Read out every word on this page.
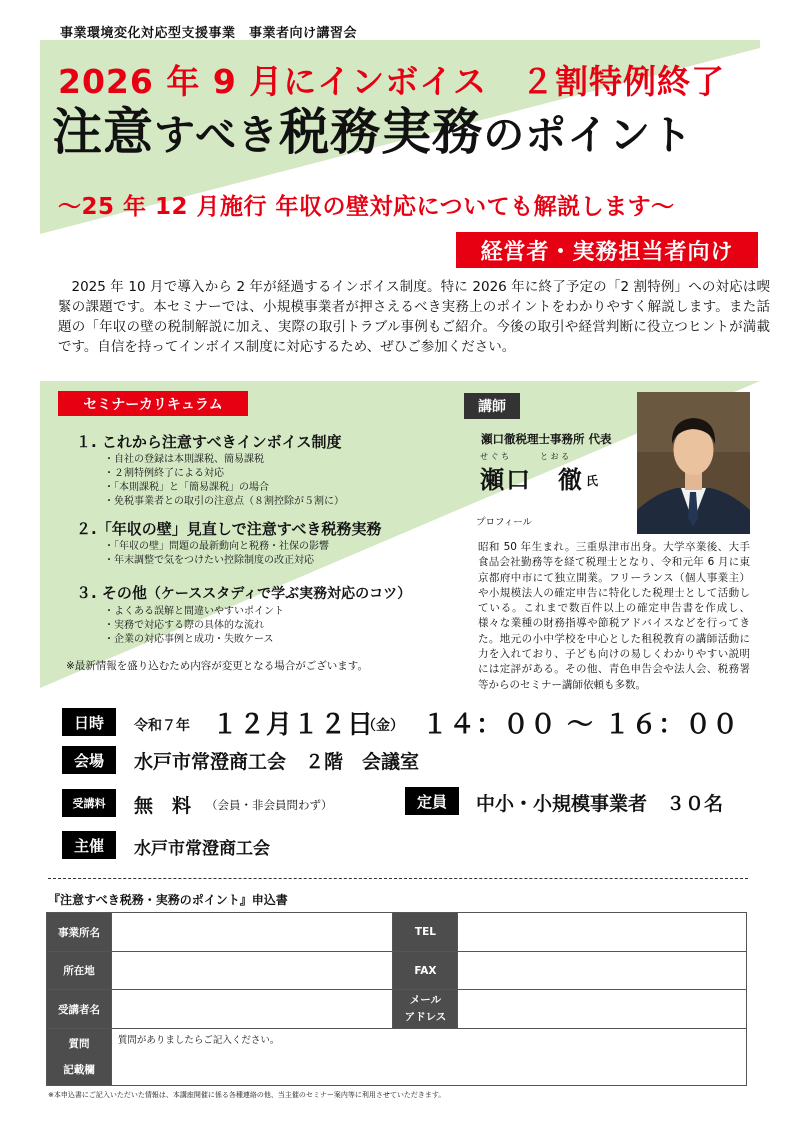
事業環境変化対応型支援事業　事業者向け講習会
2026 年 9 月にインボイス　２割特例終了
注意すべき税務実務のポイント
～25 年 12 月施行 年収の壁対応についても解説します～
経営者・実務担当者向け

2025 年 10 月で導入から 2 年が経過するインボイス制度。特に 2026 年に終了予定の「2 割特例」への対応は喫緊の課題です。本セミナーでは、小規模事業者が押さえるべき実務上のポイントをわかりやすく解説します。また話題の「年収の壁の税制解説に加え、実際の取引トラブル事例もご紹介。今後の取引や経営判断に役立つヒントが満載です。自信を持ってインボイス制度に対応するため、ぜひご参加ください。

セミナーカリキュラム
１. これから注意すべきインボイス制度
・ 自社の登録は本則課税、簡易課税
・ ２割特例終了による対応
・ 「本則課税」と「簡易課税」の場合
・ 免税事業者との取引の注意点（８割控除が５割に）
２.「年収の壁」見直しで注意すべき税務実務
・ 「年収の壁」問題の最新動向と税務・社保の影響
・ 年末調整で気をつけたい控除制度の改正対応
３. その他（ケーススタディで学ぶ実務対応のコツ）
・ よくある誤解と間違いやすいポイント
・ 実務で対応する際の具体的な流れ
・ 企業の対応事例と成功・失敗ケース
※最新情報を盛り込むため内容が変更となる場合がございます。
講師
瀬口徹税理士事務所 代表
せ ぐ ち	と お る
瀬口　徹 氏
プロフィール
昭和 50 年生まれ。三重県津市出身。大学卒業後、大手食品会社勤務等を経て税理士となり、令和元年 6 月に東京都府中市にて独立開業。フリーランス（個人事業主）や小規模法人の確定申告に特化した税理士として活動している。これまで数百件以上の確定申告書を作成し、様々な業種の財務指導や節税アドバイスなどを行ってきた。地元の小中学校を中心とした租税教育の講師活動に力を入れており、子ども向けの易しくわかりやすい説明には定評がある。その他、青色申告会や法人会、税務署等からのセミナー講師依頼も多数。
日時	令和７年 １２月１２日
（金） １４：００ ～ １６：００
会場	水戸市常澄商工会　２階　会議室
受講料	無　料 （会員・非会員問わず）	定員	中小・小規模事業者　３０名
主催	水戸市常澄商工会
『注意すべき税務・実務のポイント』申込書
事業所名		TEL	
所在地		FAX	
受講者名		メール
アドレス	
質問
記載欄	質問がありましたらご記入ください。		
※本申込書にご記入いただいた情報は、本講座開催に係る各種連絡の他、当主催のセミナー案内等に利用させていただきます。
